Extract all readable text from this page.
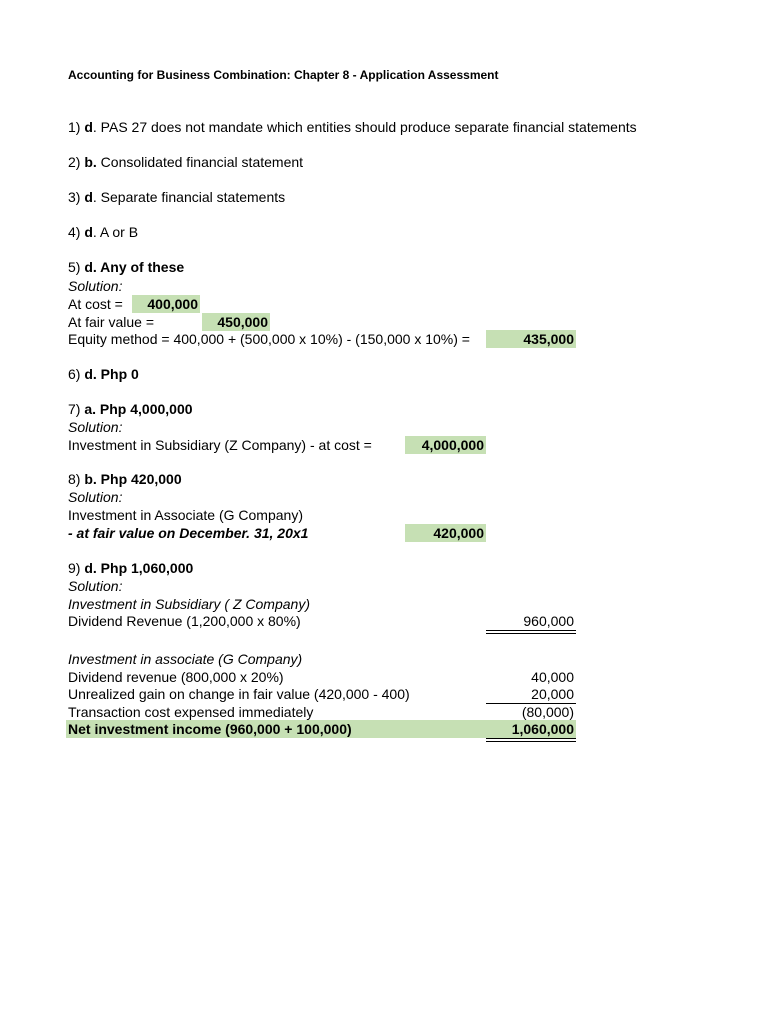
Accounting for Business Combination: Chapter 8 - Application Assessment
1) d. PAS 27 does not mandate which entities should produce separate financial statements
2) b. Consolidated financial statement
3) d. Separate financial statements
4) d. A or B
5) d. Any of these
Solution:
At cost =	400,000
At fair value =	450,000
Equity method = 400,000 + (500,000 x 10%) - (150,000 x 10%) =	435,000
6) d. Php 0
7) a. Php 4,000,000
Solution:
Investment in Subsidiary (Z Company) - at cost =	4,000,000
8) b. Php 420,000
Solution:
Investment in Associate (G Company)
- at fair value on December. 31, 20x1	420,000
9) d. Php 1,060,000
Solution:
Investment in Subsidiary ( Z Company)
Dividend Revenue (1,200,000 x 80%)	960,000
Investment in associate (G Company)
Dividend revenue (800,000 x 20%)	40,000
Unrealized gain on change in fair value (420,000 - 400)	20,000
Transaction cost expensed immediately	(80,000)
Net investment income (960,000 + 100,000)	1,060,000
